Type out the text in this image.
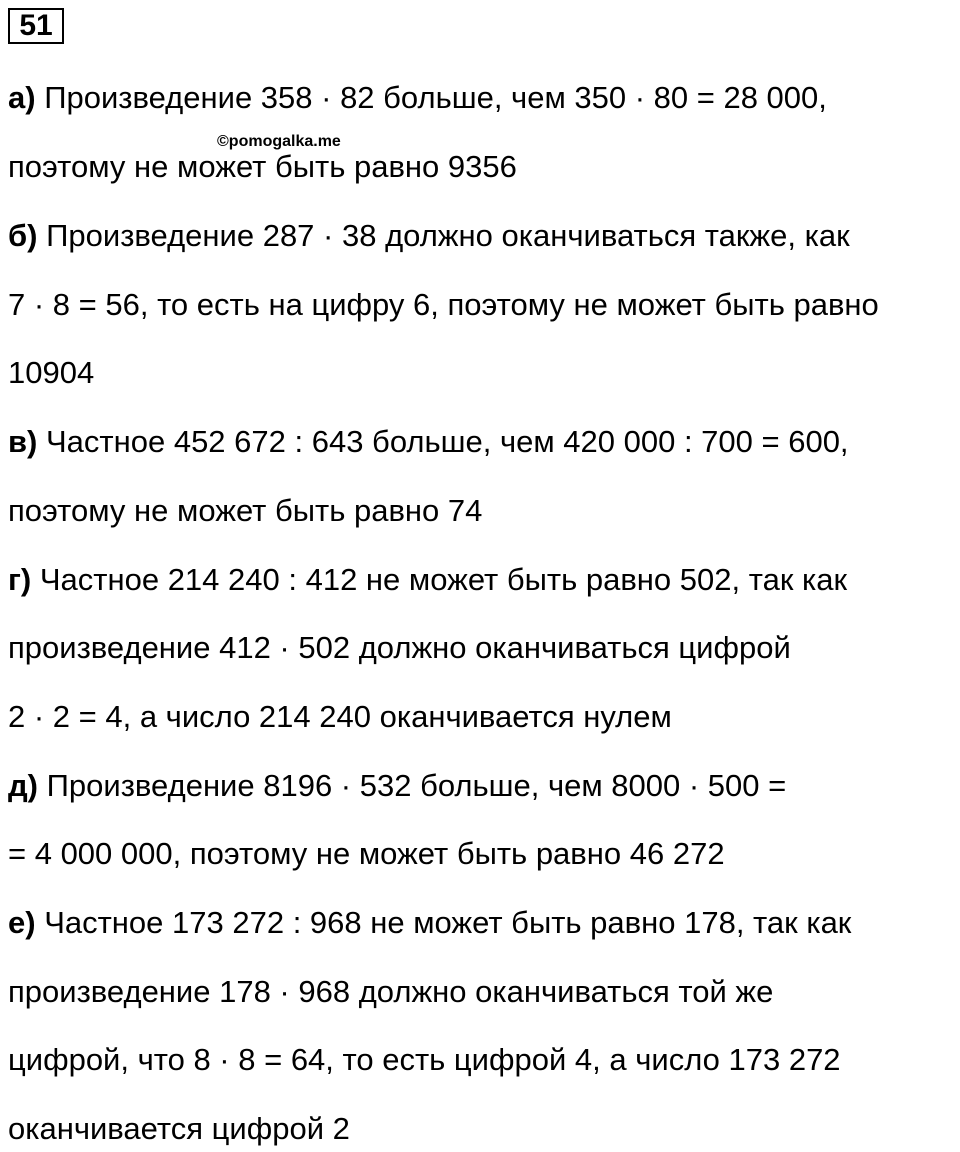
51
©pomogalka.me
а) Произведение 358 · 82 больше, чем 350 · 80 = 28 000,
поэтому не может быть равно 9356
б) Произведение 287 · 38 должно оканчиваться также, как
7 · 8 = 56, то есть на цифру 6, поэтому не может быть равно
10904
в) Частное 452 672 : 643 больше, чем 420 000 : 700 = 600,
поэтому не может быть равно 74
г) Частное 214 240 : 412 не может быть равно 502, так как
произведение 412 · 502 должно оканчиваться цифрой
2 · 2 = 4, а число 214 240 оканчивается нулем
д) Произведение 8196 · 532 больше, чем 8000 · 500 =
= 4 000 000, поэтому не может быть равно 46 272
е) Частное 173 272 : 968 не может быть равно 178, так как
произведение 178 · 968 должно оканчиваться той же
цифрой, что 8 · 8 = 64, то есть цифрой 4, а число 173 272
оканчивается цифрой 2
